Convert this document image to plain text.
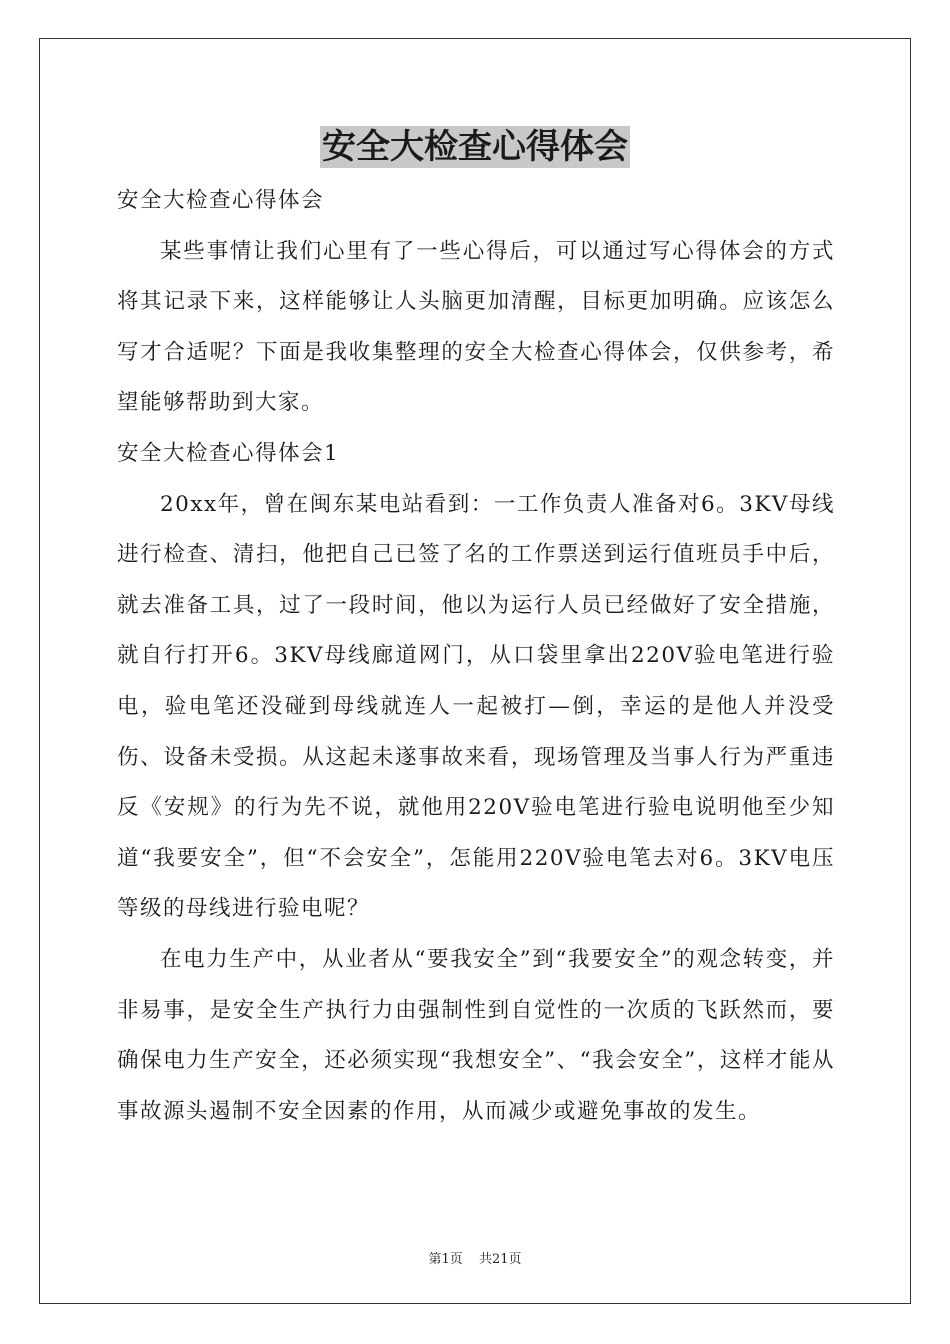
安全大检查心得体会

安全大检查心得体会

某些事情让我们心里有了一些心得后，可以通过写心得体会的方式将其记录下来，这样能够让人头脑更加清醒，目标更加明确。应该怎么写才合适呢？下面是我收集整理的安全大检查心得体会，仅供参考，希望能够帮助到大家。

安全大检查心得体会1

20xx年，曾在闽东某电站看到：一工作负责人准备对6。3KV母线进行检查、清扫，他把自己已签了名的工作票送到运行值班员手中后，就去准备工具，过了一段时间，他以为运行人员已经做好了安全措施，就自行打开6。3KV母线廊道网门，从口袋里拿出220V验电笔进行验电，验电笔还没碰到母线就连人一起被打—倒，幸运的是他人并没受伤、设备未受损。从这起未遂事故来看，现场管理及当事人行为严重违反《安规》的行为先不说，就他用220V验电笔进行验电说明他至少知道“我要安全”，但“不会安全”，怎能用220V验电笔去对6。3KV电压等级的母线进行验电呢？

在电力生产中，从业者从“要我安全”到“我要安全”的观念转变，并非易事，是安全生产执行力由强制性到自觉性的一次质的飞跃然而，要确保电力生产安全，还必须实现“我想安全”、“我会安全”，这样才能从事故源头遏制不安全因素的作用，从而减少或避免事故的发生。

第1页 共21页
